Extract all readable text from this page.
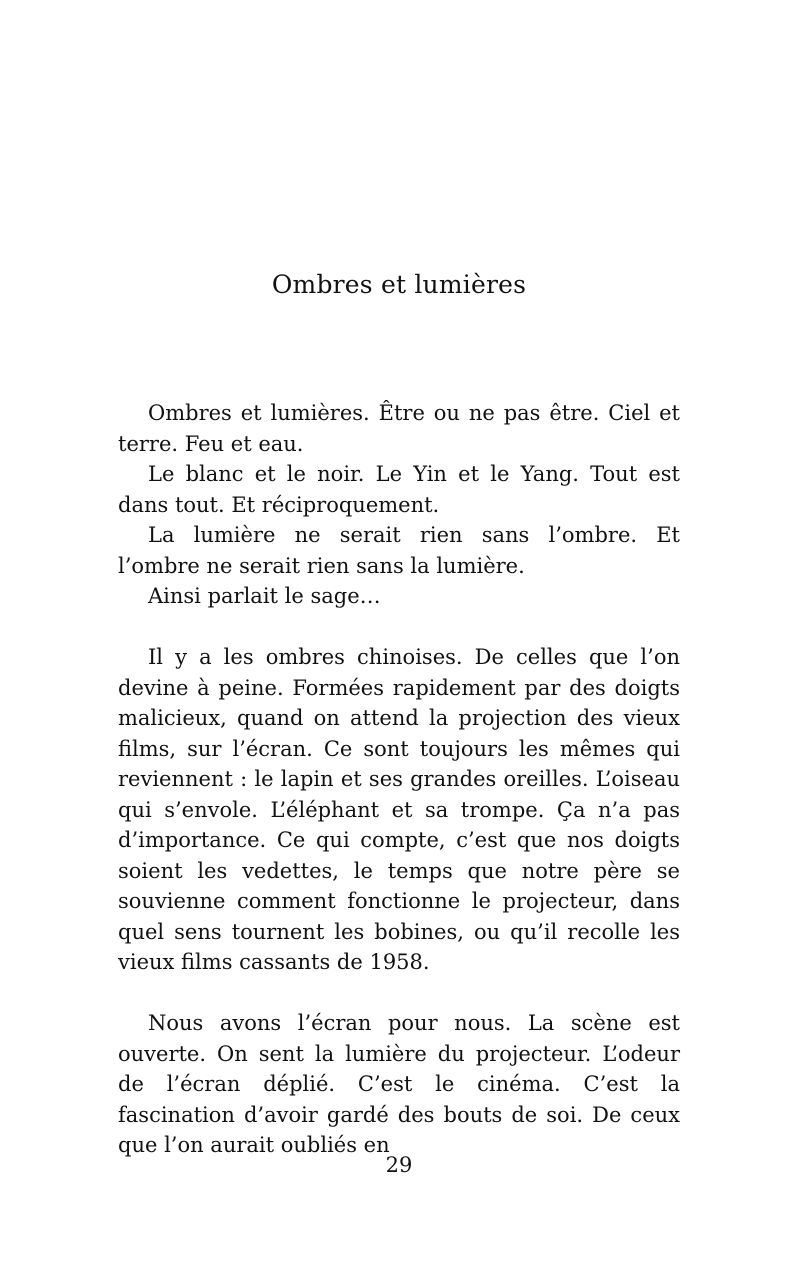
Ombres et lumières

Ombres et lumières. Être ou ne pas être. Ciel et terre. Feu et eau.

Le blanc et le noir. Le Yin et le Yang. Tout est dans tout. Et réciproquement.

La lumière ne serait rien sans l’ombre. Et l’ombre ne serait rien sans la lumière.

Ainsi parlait le sage…

Il y a les ombres chinoises. De celles que l’on devine à peine. Formées rapidement par des doigts malicieux, quand on attend la projection des vieux films, sur l’écran. Ce sont toujours les mêmes qui reviennent : le lapin et ses grandes oreilles. L’oiseau qui s’envole. L’éléphant et sa trompe. Ça n’a pas d’importance. Ce qui compte, c’est que nos doigts soient les vedettes, le temps que notre père se souvienne comment fonctionne le projecteur, dans quel sens tournent les bobines, ou qu’il recolle les vieux films cassants de 1958.

Nous avons l’écran pour nous. La scène est ouverte. On sent la lumière du projecteur. L’odeur de l’écran déplié. C’est le cinéma. C’est la fascination d’avoir gardé des bouts de soi. De ceux que l’on aurait oubliés en

29
